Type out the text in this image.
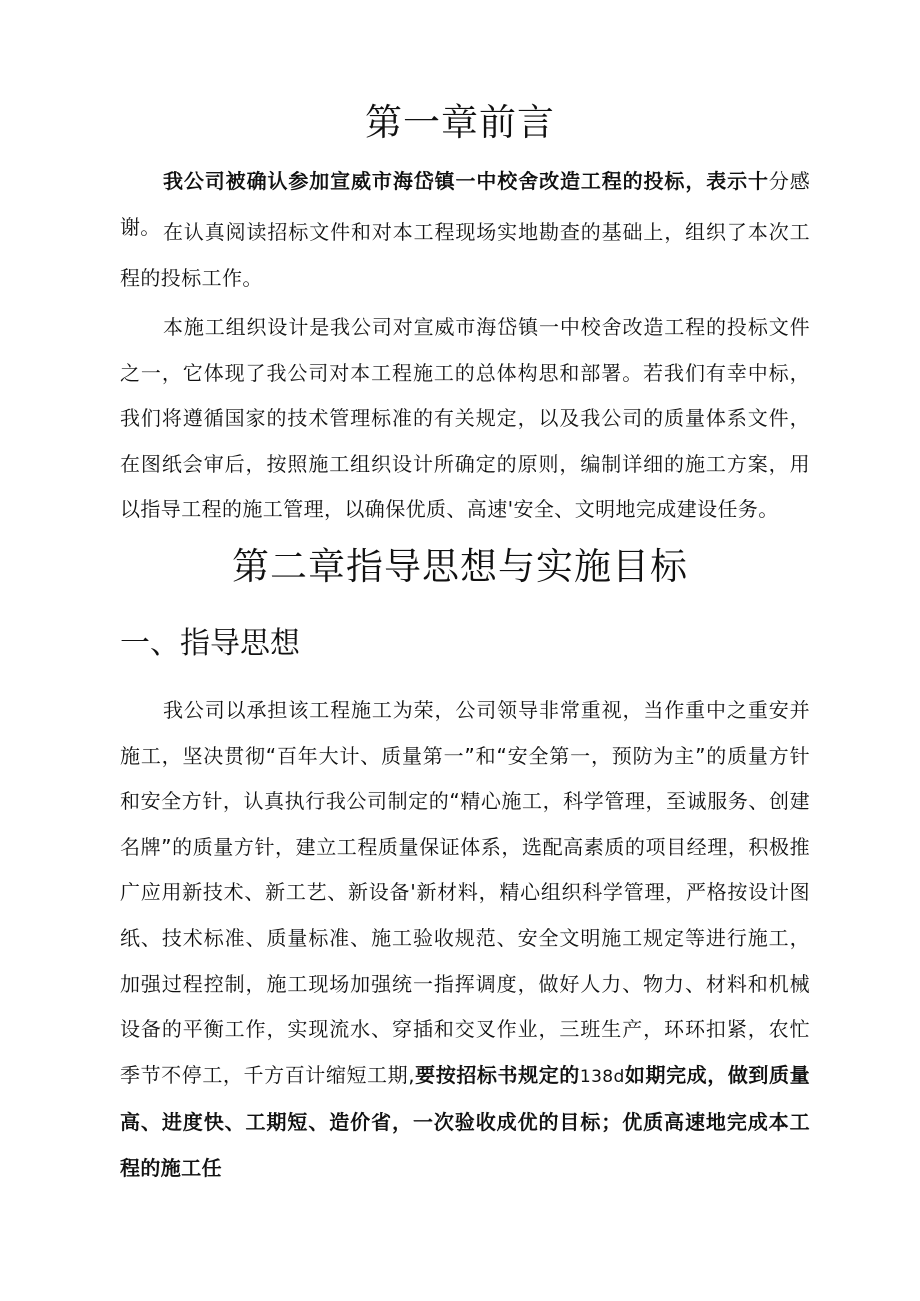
第一章前言

我公司被确认参加宣威市海岱镇一中校舍改造工程的投标，表示十分感谢。 在认真阅读招标文件和对本工程现场实地勘查的基础上，组织了本次工程的投标工作。

本施工组织设计是我公司对宣威市海岱镇一中校舍改造工程的投标文件之一，它体现了我公司对本工程施工的总体构思和部署。若我们有幸中标，我们将遵循国家的技术管理标准的有关规定，以及我公司的质量体系文件，在图纸会审后，按照施工组织设计所确定的原则，编制详细的施工方案，用以指导工程的施工管理，以确保优质、高速'安全、文明地完成建设任务。

第二章指导思想与实施目标
一、指导思想

我公司以承担该工程施工为荣，公司领导非常重视，当作重中之重安并施工，坚决贯彻“百年大计、质量第一”和“安全第一，预防为主”的质量方针和安全方针，认真执行我公司制定的“精心施工，科学管理，至诚服务、创建名牌”的质量方针，建立工程质量保证体系，选配高素质的项目经理，积极推广应用新技术、新工艺、新设备'新材料，精心组织科学管理，严格按设计图纸、技术标准、质量标准、施工验收规范、安全文明施工规定等进行施工，加强过程控制，施工现场加强统一指挥调度，做好人力、物力、材料和机械设备的平衡工作，实现流水、穿插和交叉作业，三班生产，环环扣紧，农忙季节不停工，千方百计缩短工期,要按招标书规定的138d如期完成，做到质量高、进度快、工期短、造价省，一次验收成优的目标；优质高速地完成本工程的施工任
